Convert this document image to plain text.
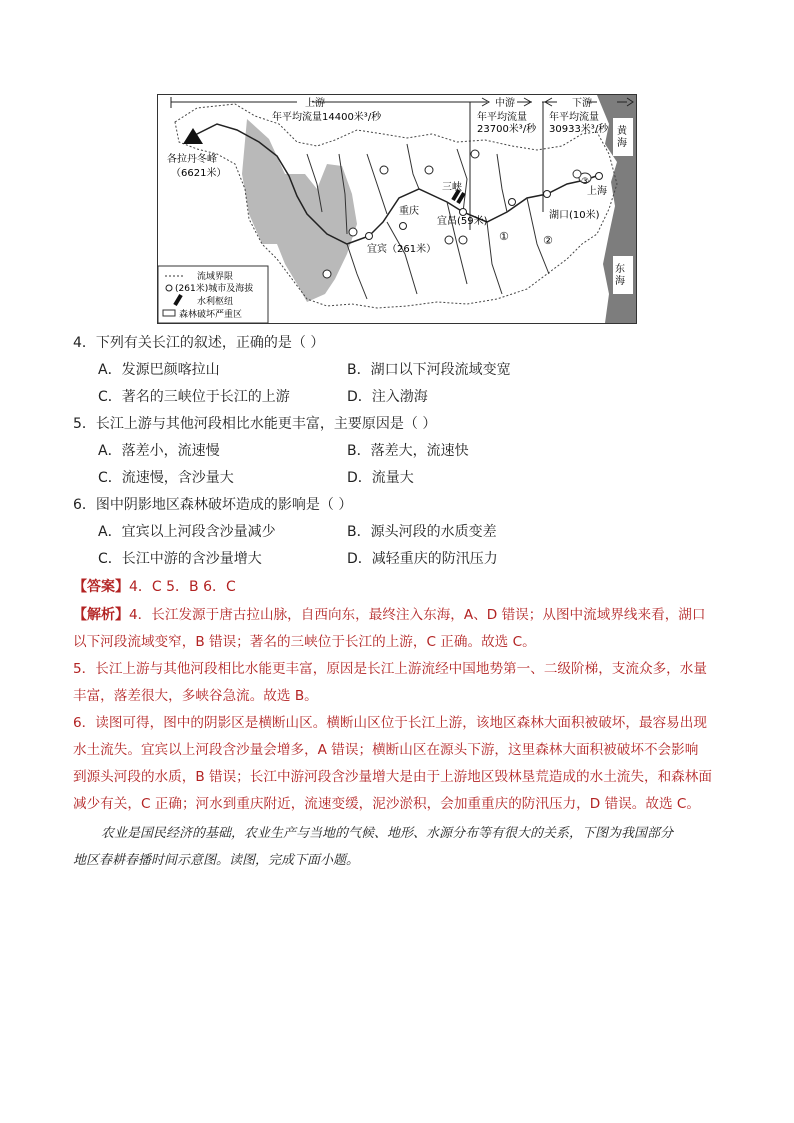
上游	中游	下游
年平均流量14400米³/秒	年平均流量
23700米³/秒
年平均流量
30933米³/秒
各拉丹冬峰
（6621米）
三峡
重庆
宜昌(59米)
宜宾（261米）
湖口(10米)
上海
黄
海
东
海
①	②
③
流域界限
(261米)城市及海拔
水利枢纽
森林破坏严重区
4．下列有关长江的叙述，正确的是（ ）
A．发源巴颜喀拉山	B．湖口以下河段流域变宽
C．著名的三峡位于长江的上游	D．注入渤海
5．长江上游与其他河段相比水能更丰富，主要原因是（ ）
A．落差小，流速慢	B．落差大，流速快
C．流速慢，含沙量大	D．流量大
6．图中阴影地区森林破坏造成的影响是（ ）
A．宜宾以上河段含沙量减少	B．源头河段的水质变差
C．长江中游的含沙量增大	D．减轻重庆的防汛压力
【答案】4．C 5．B 6．C
【解析】4．长江发源于唐古拉山脉，自西向东，最终注入东海，A、D 错误；从图中流域界线来看，湖口
以下河段流域变窄，B 错误；著名的三峡位于长江的上游，C 正确。故选 C。
5．长江上游与其他河段相比水能更丰富，原因是长江上游流经中国地势第一、二级阶梯，支流众多，水量
丰富，落差很大，多峡谷急流。故选 B。
6．读图可得，图中的阴影区是横断山区。横断山区位于长江上游，该地区森林大面积被破坏，最容易出现
水土流失。宜宾以上河段含沙量会增多，A 错误；横断山区在源头下游，这里森林大面积被破坏不会影响
到源头河段的水质，B 错误；长江中游河段含沙量增大是由于上游地区毁林垦荒造成的水土流失，和森林面
减少有关，C 正确；河水到重庆附近，流速变缓，泥沙淤积，会加重重庆的防汛压力，D 错误。故选 C。
农业是国民经济的基础，农业生产与当地的气候、地形、水源分布等有很大的关系，下图为我国部分
地区春耕春播时间示意图。读图，完成下面小题。
